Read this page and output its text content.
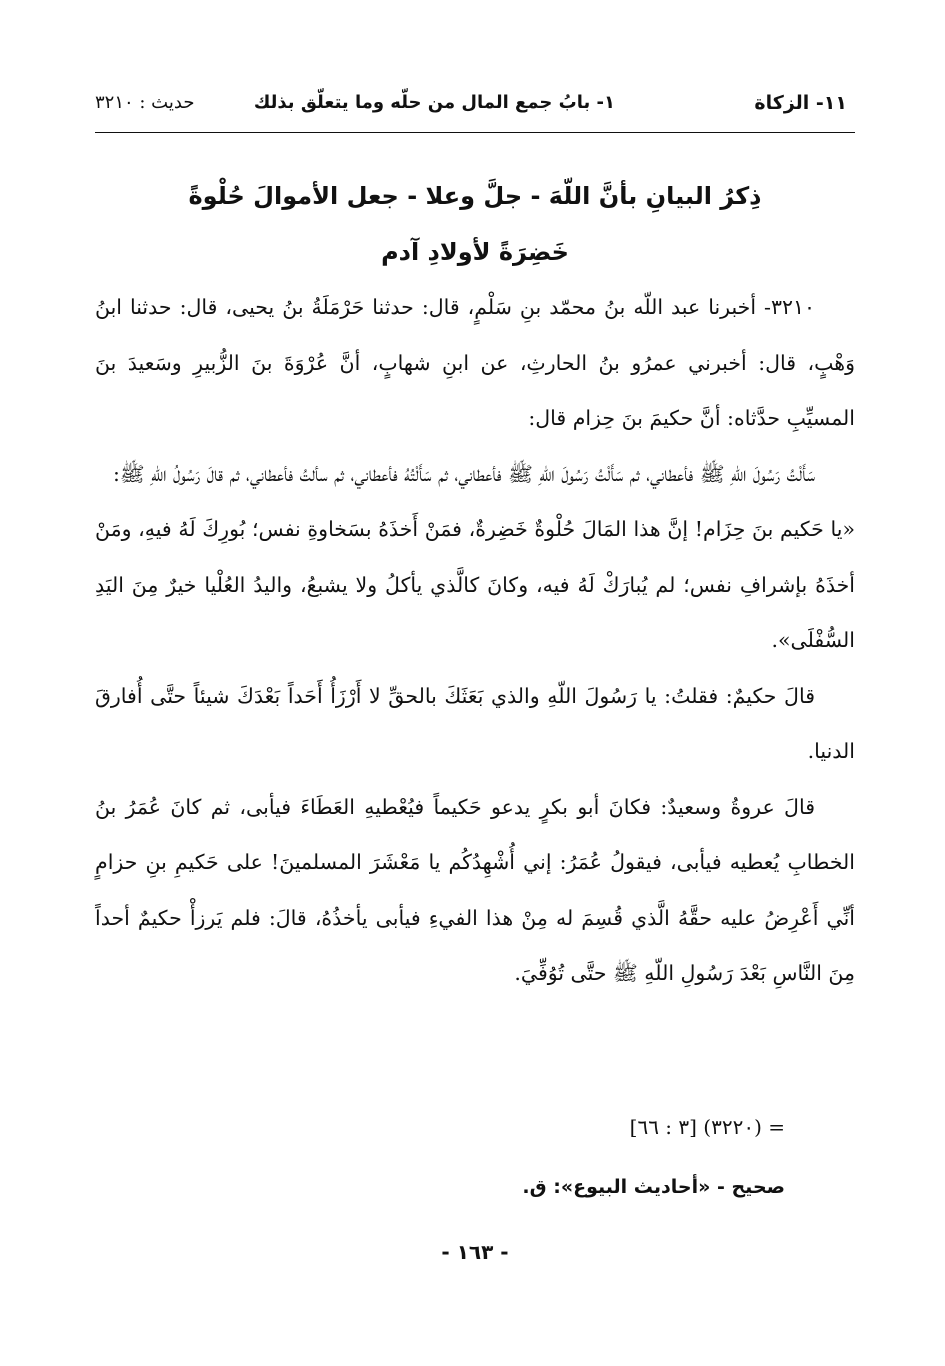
١١- الزكاة
١- بابُ جمع المال من حلّه وما يتعلّق بذلك
حديث : ٣٢١٠
ذِكرُ البيانِ بأنَّ اللّهَ - جلَّ وعلا - جعل الأموالَ حُلْوةً
خَضِرَةً لأولادِ آدم

٣٢١٠- أخبرنا عبد اللّه بنُ محمّد بنِ سَلْمٍ، قال: حدثنا حَرْمَلَةُ بنُ يحيى، قال: حدثنا ابنُ وَهْبٍ، قال: أخبرني عمرُو بنُ الحارثِ، عن ابنِ شهابٍ، أنَّ عُرْوَةَ بنَ الزُّبيرِ وسَعيدَ بنَ المسيِّبِ حدَّثاه: أنَّ حكيمَ بنَ حِزام قال:

سَأَلْتُ رَسُولَ اللّهِ ﷺ فأعطاني، ثم سَأَلْتُ رَسُولَ اللّهِ ﷺ فأعطاني، ثم سَأَلْتُهُ فأعطاني، ثم سألتُ فأعطاني، ثم قالَ رَسُولُ اللّهِ ﷺ:

«يا حَكيم بنَ حِزَام! إنَّ هذا المَالَ حُلْوةٌ خَضِرةٌ، فمَنْ أَخذَهُ بسَخاوةِ نفس؛ بُورِكَ لَهُ فيهِ، ومَنْ أخذَهُ بإشرافِ نفس؛ لم يُبارَكْ لَهُ فيه، وكانَ كالَّذي يأكلُ ولا يشبعُ، واليدُ العُلْيا خيرٌ مِنَ اليَدِ السُّفْلَى».

قالَ حكيمٌ: فقلتُ: يا رَسُولَ اللّهِ والذي بَعَثَكَ بالحقِّ لا أَرْزَأُ أَحَداً بَعْدَكَ شيئاً حتَّى أُفارقَ الدنيا.

قالَ عروةُ وسعيدٌ: فكانَ أبو بكرٍ يدعو حَكيماً فيُعْطيهِ العَطَاءَ فيأبى، ثم كانَ عُمَرُ بنُ الخطابِ يُعطيه فيأبى، فيقولُ عُمَرُ: إني أُشْهِدُكُم يا مَعْشَرَ المسلمينَ! على حَكيمِ بنِ حزامٍ أنِّي أَعْرِضُ عليه حقَّهُ الَّذي قُسِمَ له مِنْ هذا الفيءِ فيأبى يأخذُهُ، قالَ: فلم يَرزأْ حكيمٌ أحداً مِنَ النَّاسِ بَعْدَ رَسُولِ اللّهِ ﷺ حتَّى تُوُفِّيَ.

= (٣٢٢٠) [٣ : ٦٦]
صحيح - «أحاديث البيوع»: ق.
- ١٦٣ -
